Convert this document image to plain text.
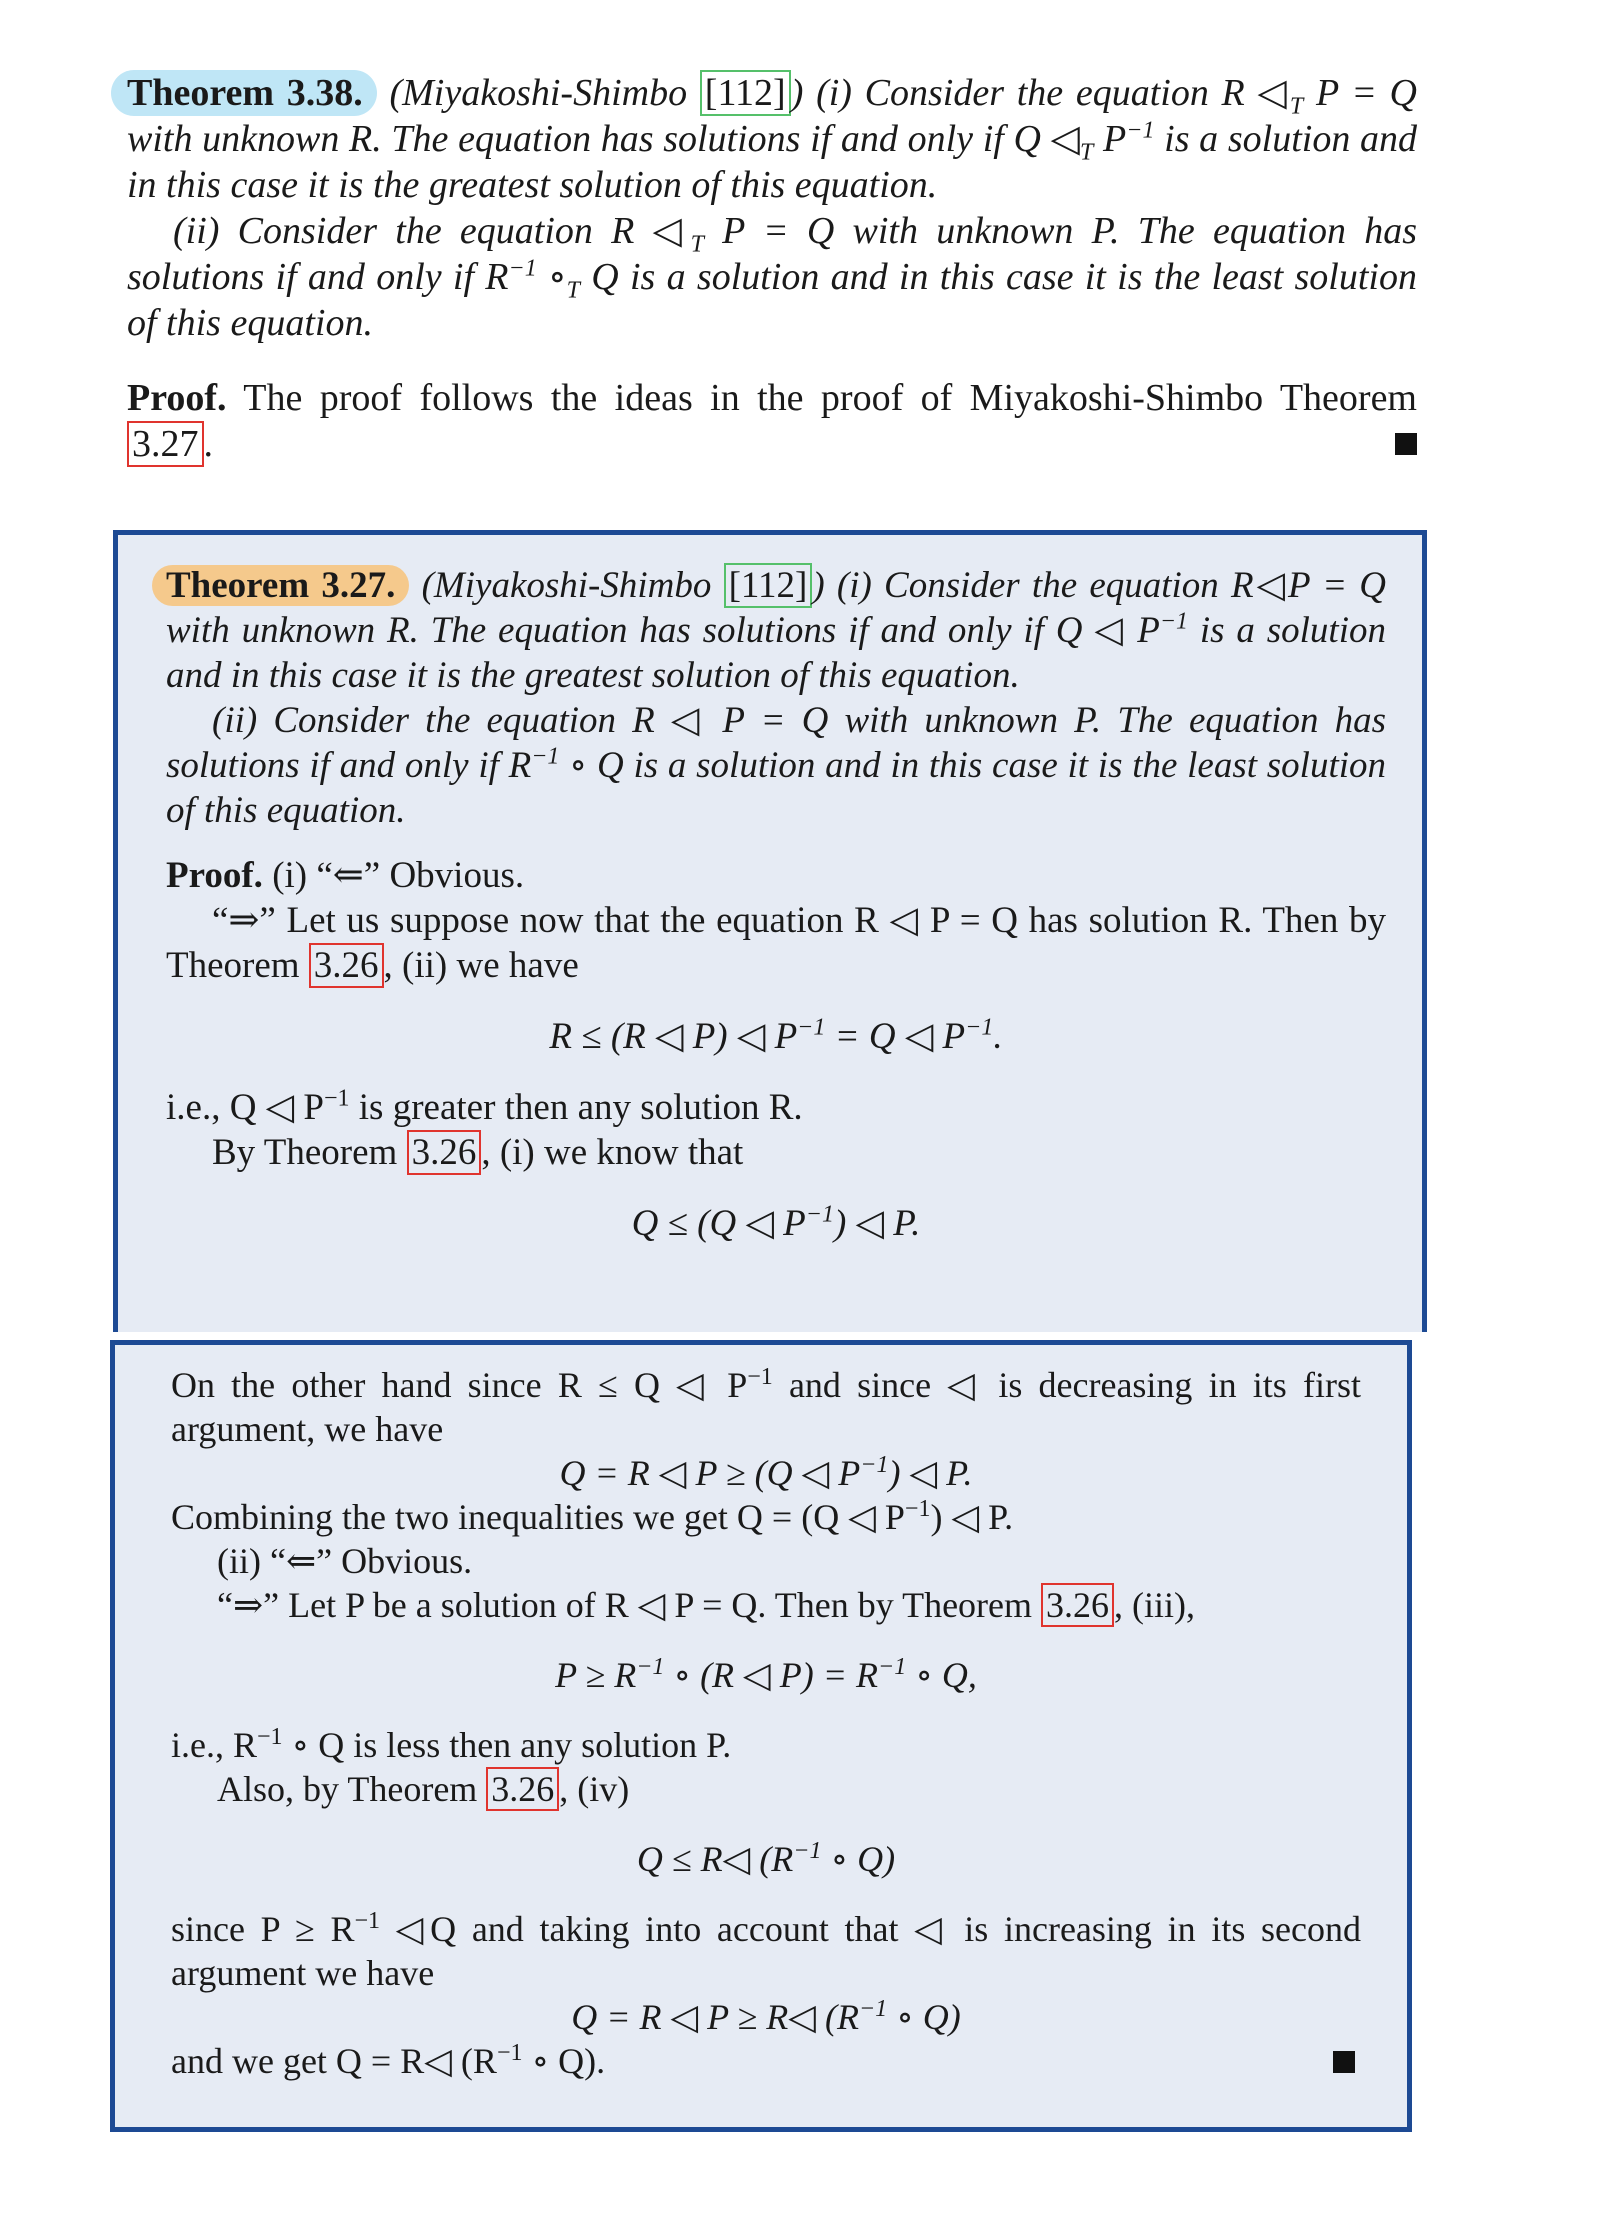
Theorem 3.38. (Miyakoshi-Shimbo [112] ) (i) Consider the equation R $◁_T$ P = Q with unknown R. The equation has solutions if and only if Q $◁_T$ $P^{-1}$ is a solution and in this case it is the greatest solution of this equation.

(ii) Consider the equation R $◁_T$ P = Q with unknown P. The equation has solutions if and only if $R^{-1}$ $\circ_T$ Q is a solution and in this case it is the least solution of this equation.

Proof. The proof follows the ideas in the proof of Miyakoshi-Shimbo Theorem 3.27 .

Theorem 3.27. (Miyakoshi-Shimbo [112] ) (i) Consider the equation R◁P = Q with unknown R. The equation has solutions if and only if Q ◁ $P^{-1}$ is a solution and in this case it is the greatest solution of this equation.

(ii) Consider the equation R ◁ P = Q with unknown P. The equation has solutions if and only if $R^{-1}$ ∘ Q is a solution and in this case it is the least solution of this equation.

Proof. (i) “⇐” Obvious.

“⇒” Let us suppose now that the equation R ◁ P = Q has solution R. Then by Theorem 3.26 , (ii) we have

R ≤ (R ◁ P) ◁ $P^{-1} = Q$ ◁ $P^{-1}$.

i.e., Q ◁ $P^{-1}$ is greater then any solution R.

By Theorem 3.26 , (i) we know that

Q ≤ (Q ◁ $P^{-1}$) ◁ P.

On the other hand since R ≤ Q ◁ $P^{-1}$ and since ◁ is decreasing in its first argument, we have

Q = R ◁ P ≥ (Q ◁ $P^{-1}$) ◁ P.

Combining the two inequalities we get Q = (Q ◁ $P^{-1}$) ◁ P.

(ii) “⇐” Obvious.

“⇒” Let P be a solution of R ◁ P = Q. Then by Theorem 3.26 , (iii),

$P \ge R^{-1}$ ∘ (R ◁ $P) = R^{-1}$ ∘ Q,

i.e., $R^{-1}$ ∘ Q is less then any solution P.

Also, by Theorem 3.26 , (iv)

Q ≤ R◁ ($R^{-1}$ ∘ Q)

since $P \ge R^{-1}$ ◁Q and taking into account that ◁ is increasing in its second argument we have

Q = R ◁ P ≥ R◁ ($R^{-1}$ ∘ Q)

and we get Q = R◁ ($R^{-1}$ ∘ Q).
